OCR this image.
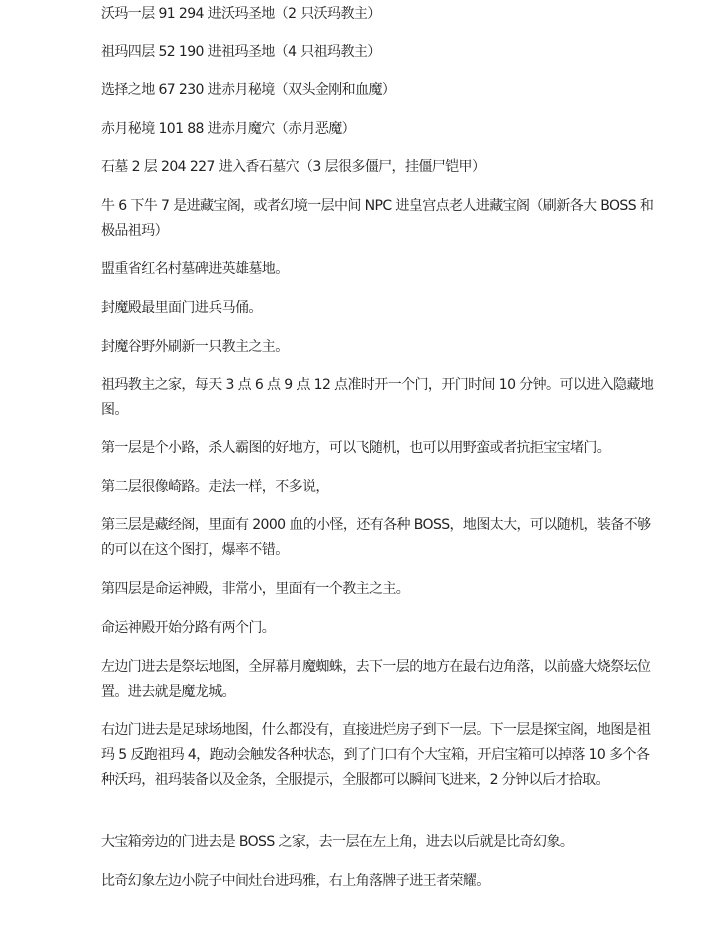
沃玛一层 91 294 进沃玛圣地（2 只沃玛教主）

祖玛四层 52 190 进祖玛圣地（4 只祖玛教主）

选择之地 67 230 进赤月秘境（双头金刚和血魔）

赤月秘境 101 88 进赤月魔穴（赤月恶魔）

石墓 2 层 204 227 进入香石墓穴（3 层很多僵尸，挂僵尸铠甲）

牛 6 下牛 7 是进藏宝阁，或者幻境一层中间 NPC 进皇宫点老人进藏宝阁（刷新各大 BOSS 和极品祖玛）

盟重省红名村墓碑进英雄墓地。

封魔殿最里面门进兵马俑。

封魔谷野外刷新一只教主之主。

祖玛教主之家，每天 3 点 6 点 9 点 12 点准时开一个门，开门时间 10 分钟。可以进入隐藏地图。

第一层是个小路，杀人霸图的好地方，可以飞随机，也可以用野蛮或者抗拒宝宝堵门。

第二层很像崎路。走法一样，不多说，

第三层是藏经阁，里面有 2000 血的小怪，还有各种 BOSS，地图太大，可以随机，装备不够的可以在这个图打，爆率不错。

第四层是命运神殿，非常小，里面有一个教主之主。

命运神殿开始分路有两个门。

左边门进去是祭坛地图，全屏幕月魔蜘蛛，去下一层的地方在最右边角落，以前盛大烧祭坛位置。进去就是魔龙城。

右边门进去是足球场地图，什么都没有，直接进烂房子到下一层。下一层是探宝阁，地图是祖玛 5 反跑祖玛 4，跑动会触发各种状态，到了门口有个大宝箱，开启宝箱可以掉落 10 多个各种沃玛，祖玛装备以及金条，全服提示，全服都可以瞬间飞进来，2 分钟以后才拾取。

大宝箱旁边的门进去是 BOSS 之家，去一层在左上角，进去以后就是比奇幻象。

比奇幻象左边小院子中间灶台进玛雅，右上角落牌子进王者荣耀。
